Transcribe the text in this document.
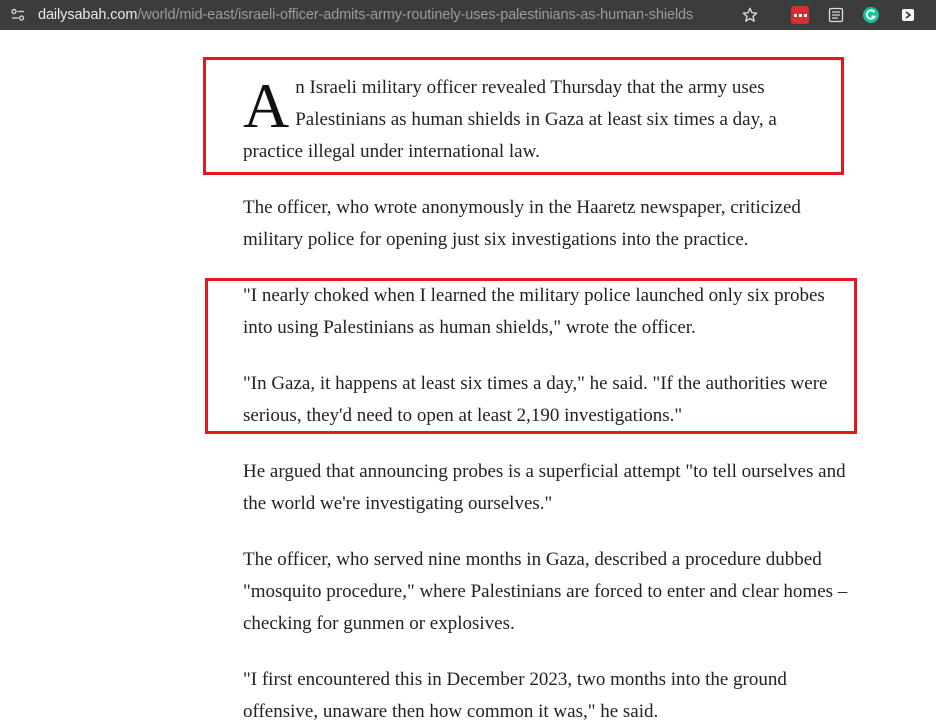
dailysabah.com/world/mid-east/israeli-officer-admits-army-routinely-uses-palestinians-as-human-shields

An Israeli military officer revealed Thursday that the army uses Palestinians as human shields in Gaza at least six times a day, a practice illegal under international law.

The officer, who wrote anonymously in the Haaretz newspaper, criticized military police for opening just six investigations into the practice.

"I nearly choked when I learned the military police launched only six probes into using Palestinians as human shields," wrote the officer.

"In Gaza, it happens at least six times a day," he said. "If the authorities were serious, they'd need to open at least 2,190 investigations."

He argued that announcing probes is a superficial attempt "to tell ourselves and the world we're investigating ourselves."

The officer, who served nine months in Gaza, described a procedure dubbed "mosquito procedure," where Palestinians are forced to enter and clear homes – checking for gunmen or explosives.

"I first encountered this in December 2023, two months into the ground offensive, unaware then how common it was," he said.
